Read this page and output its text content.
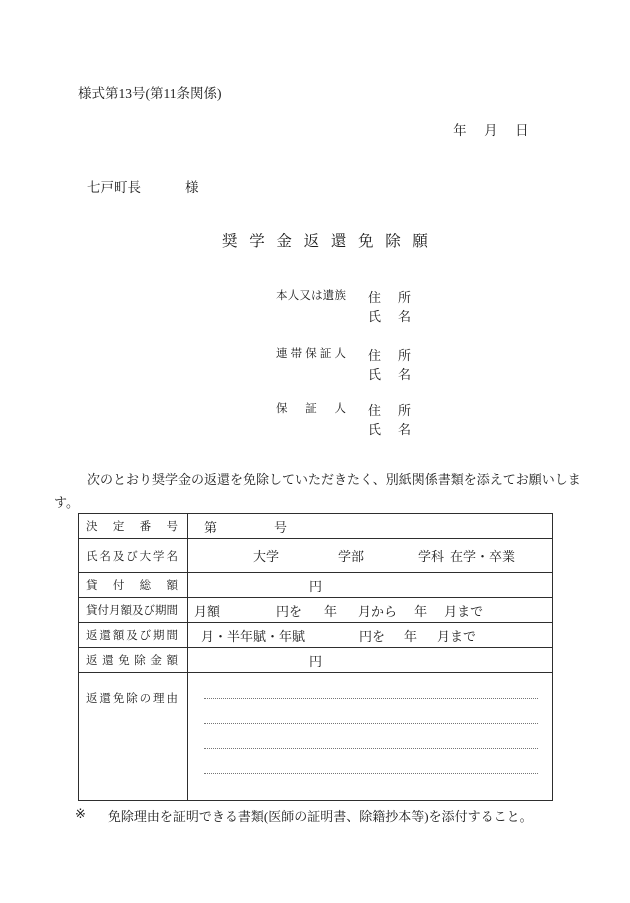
様式第13号(第11条関係)
年 月 日
七戸町長	様
奨 学 金 返 還 免 除 願
本 人 又 は 遺 族 住 所
氏 名
連 帯 保 証 人 住 所
氏 名
保 証 人 住 所
氏 名
次のとおり奨学金の返還を免除していただきたく、別紙関係書類を添えてお願いします。
決 定 番 号 第	号
氏 名 及 び 大 学 名	大学	学部	学科 在学・卒業
貸 付 総 額	円
貸 付 月 額 及 び 期 間 月額	円を 年 月から 年 月まで
返 還 額 及 び 期 間 月・半年賦・年賦	円を 年 月まで
返 還 免 除 金 額	円
返 還 免 除 の 理 由
※ 免除理由を証明できる書類(医師の証明書、除籍抄本等)を添付すること。
